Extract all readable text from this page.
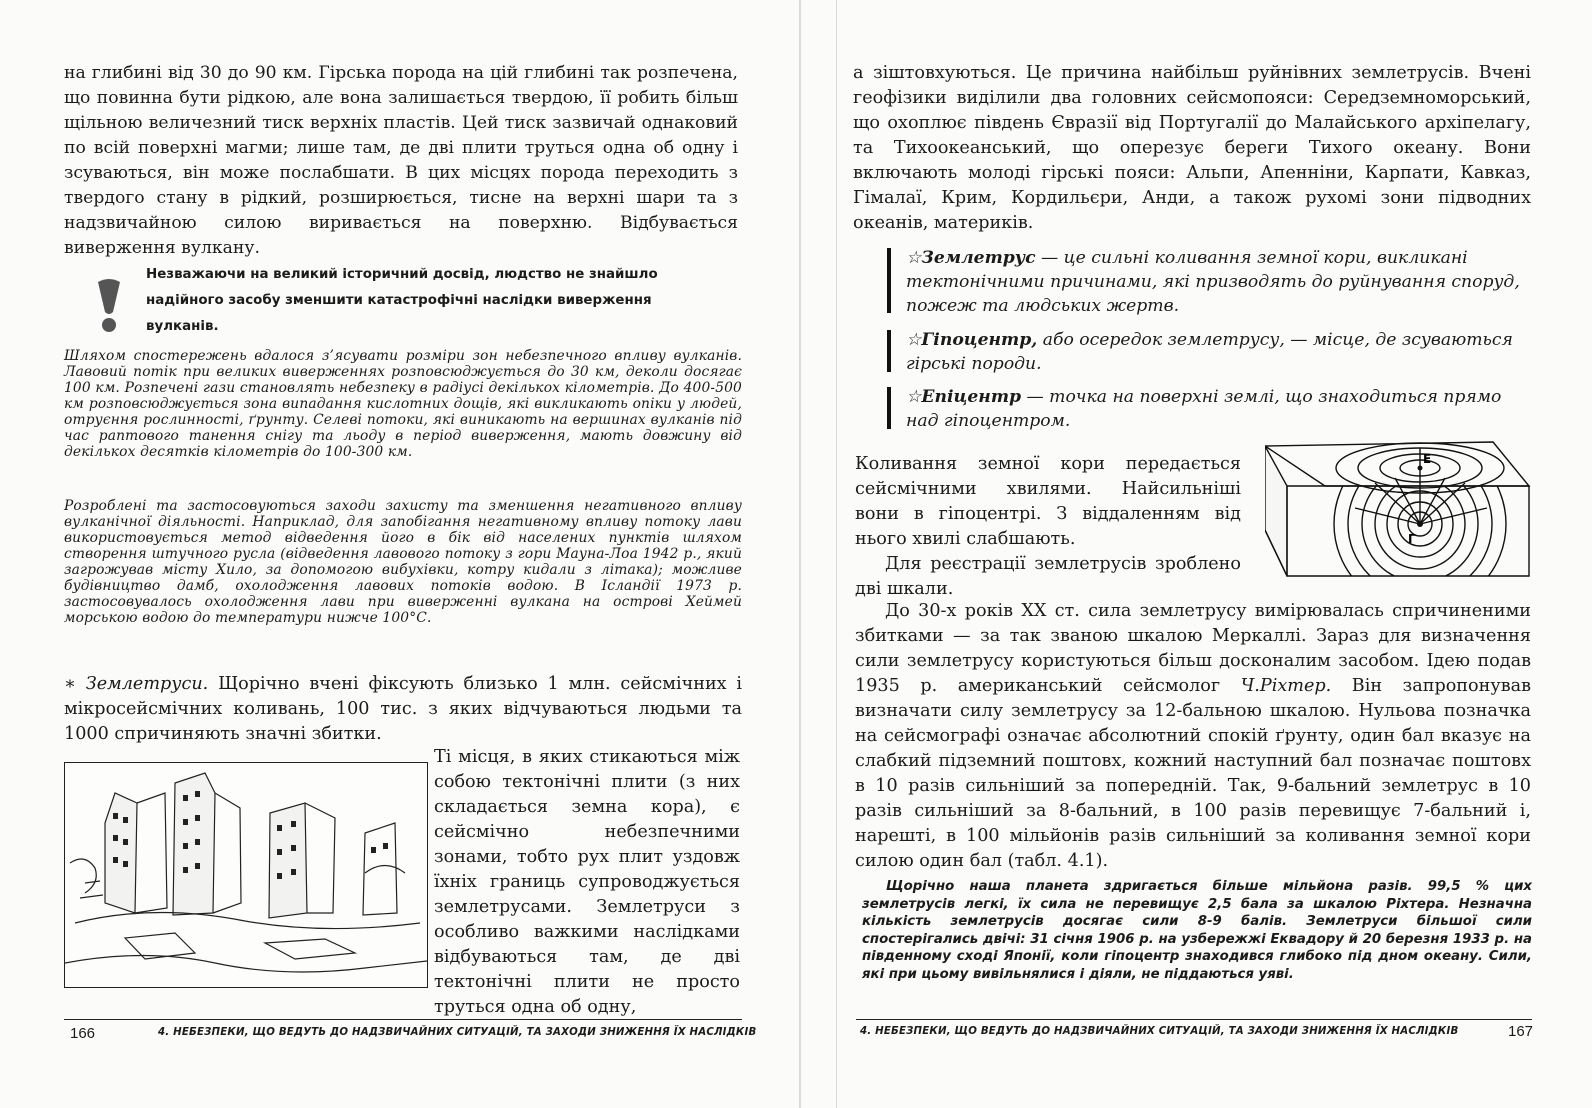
на глибині від 30 до 90 км. Гірська порода на цій глибині так розпечена, що повинна бути рідкою, але вона залишається твердою, її робить більш щільною величезний тиск верхніх пластів. Цей тиск зазвичай однаковий по всій поверхні магми; лише там, де дві плити труться одна об одну і зсуваються, він може послабшати. В цих місцях порода переходить з твердого стану в рідкий, розширюється, тисне на верхні шари та з надзвичайною силою виривається на поверхню. Відбувається виверження вулкану.

Незважаючи на великий історичний досвід, людство не знайшло надійного засобу зменшити катастрофічні наслідки виверження вулканів.

Шляхом спостережень вдалося з’ясувати розміри зон небезпечного впливу вулканів. Лавовий потік при великих виверженнях розповсюджується до 30 км, деколи досягає 100 км. Розпечені гази становлять небезпеку в радіусі декількох кілометрів. До 400-500 км розповсюджується зона випадання кислотних дощів, які викликають опіки у людей, отруєння рослинності, ґрунту. Селеві потоки, які виникають на вершинах вулканів під час раптового танення снігу та льоду в період виверження, мають довжину від декількох десятків кілометрів до 100-300 км.

Розроблені та застосовуються заходи захисту та зменшення негативного впливу вулканічної діяльності. Наприклад, для запобігання негативному впливу потоку лави використовується метод відведення його в бік від населених пунктів шляхом створення штучного русла (відведення лавового потоку з гори Мауна-Лоа 1942 р., який загрожував місту Хило, за допомогою вибухівки, котру кидали з літака); можливе будівництво дамб, охолодження лавових потоків водою. В Ісландії 1973 р. застосовувалось охолодження лави при виверженні вулкана на острові Хеймей морською водою до температури нижче 100°С.

∗ Землетруси. Щорічно вчені фіксують близько 1 млн. сейсмічних і мікросейсмічних коливань, 100 тис. з яких відчуваються людьми та 1000 спричиняють значні збитки.

Ті місця, в яких стикаються між собою тектонічні плити (з них складається земна кора), є сейсмічно небезпечними зонами, тобто рух плит уздовж їхніх границь супроводжується землетрусами. Землетруси з особливо важкими наслідками відбуваються там, де дві тектонічні плити не просто труться одна об одну,

166	4. НЕБЕЗПЕКИ, ЩО ВЕДУТЬ ДО НАДЗВИЧАЙНИХ СИТУАЦІЙ, ТА ЗАХОДИ ЗНИЖЕННЯ ЇХ НАСЛІДКІВ

а зіштовхуються. Це причина найбільш руйнівних землетрусів. Вчені геофізики виділили два головних сейсмопояси: Середземноморський, що охоплює південь Євразії від Португалії до Малайського архіпелагу, та Тихоокеанський, що оперезує береги Тихого океану. Вони включають молоді гірські пояси: Альпи, Апенніни, Карпати, Кавказ, Гімалаї, Крим, Кордильєри, Анди, а також рухомі зони підводних океанів, материків.

☆Землетрус — це сильні коливання земної кори, викликані тектонічними причинами, які призводять до руйнування споруд, пожеж та людських жертв.

☆Гіпоцентр, або осередок землетрусу, — місце, де зсуваються гірські породи.

☆Епіцентр — точка на поверхні землі, що знаходиться прямо над гіпоцентром.

Коливання земної кори передається сейсмічними хвилями. Найсильніші вони в гіпоцентрі. З віддаленням від нього хвилі слабшають.

Для реєстрації землетрусів зроблено дві шкали.

Е
Г

До 30-х років XX ст. сила землетрусу вимірювалась спричиненими збитками — за так званою шкалою Меркаллі. Зараз для визначення сили землетрусу користуються більш досконалим засобом. Ідею подав 1935 р. американський сейсмолог Ч.Ріхтер. Він запропонував визначати силу землетрусу за 12-бальною шкалою. Нульова позначка на сейсмографі означає абсолютний спокій ґрунту, один бал вказує на слабкий підземний поштовх, кожний наступний бал позначає поштовх в 10 разів сильніший за попередній. Так, 9-бальний землетрус в 10 разів сильніший за 8-бальний, в 100 разів перевищує 7-бальний і, нарешті, в 100 мільйонів разів сильніший за коливання земної кори силою один бал (табл. 4.1).

Щорічно наша планета здригається більше мільйона разів. 99,5 % цих землетрусів легкі, їх сила не перевищує 2,5 бала за шкалою Ріхтера. Незначна кількість землетрусів досягає сили 8-9 балів. Землетруси більшої сили спостерігались двічі: 31 січня 1906 р. на узбережжі Еквадору й 20 березня 1933 р. на південному сході Японії, коли гіпоцентр знаходився глибоко під дном океану. Сили, які при цьому вивільнялися і діяли, не піддаються уяві.

4. НЕБЕЗПЕКИ, ЩО ВЕДУТЬ ДО НАДЗВИЧАЙНИХ СИТУАЦІЙ, ТА ЗАХОДИ ЗНИЖЕННЯ ЇХ НАСЛІДКІВ	167
